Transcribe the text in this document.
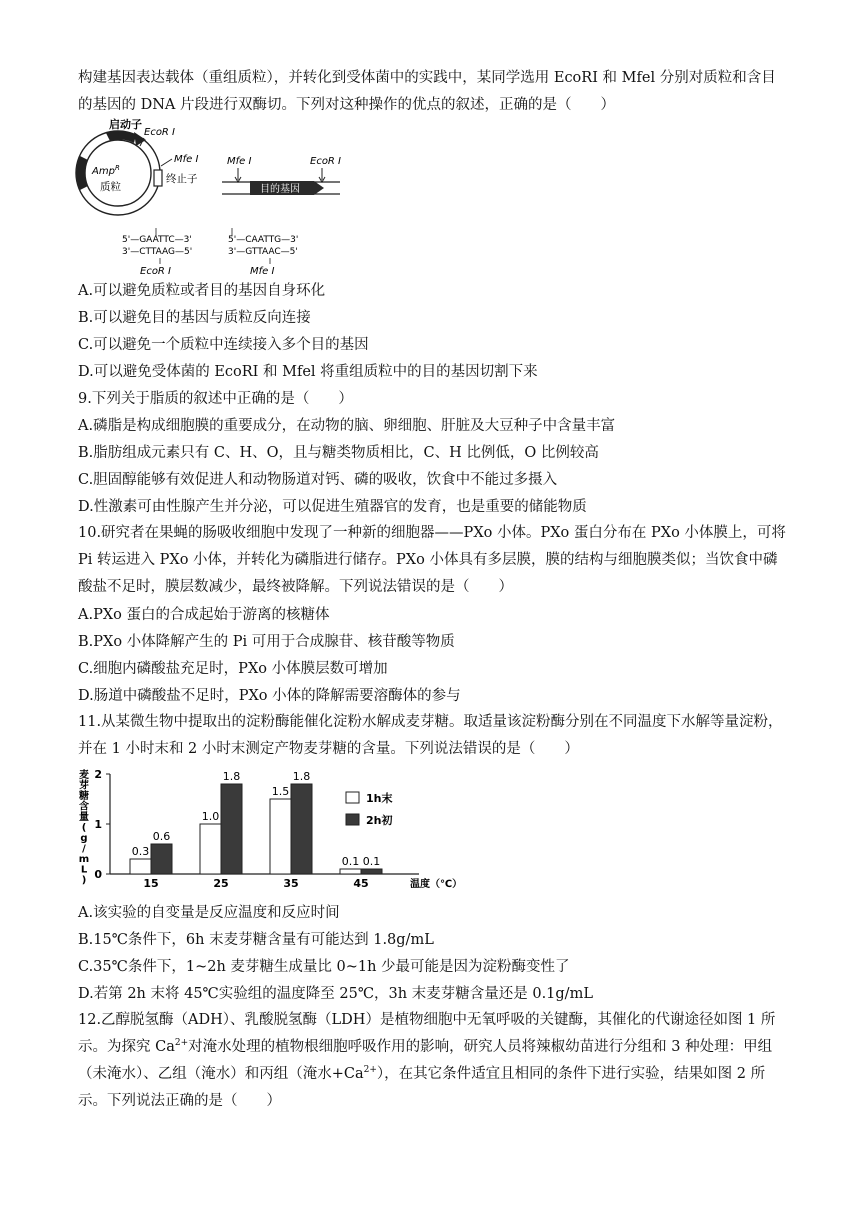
构建基因表达载体（重组质粒），并转化到受体菌中的实践中，某同学选用 EcoRI 和 Mfel 分别对质粒和含目的基因的 DNA 片段进行双酶切。下列对这种操作的优点的叙述，正确的是（　　）

启动子
EcoR Ⅰ
Mfe Ⅰ
终止子
Amp$^R$
质粒
Mfe Ⅰ	EcoR Ⅰ
目的基因
5'—GAATTC—3'
3'—CTTAAG—5'
EcoR Ⅰ
5'—CAATTG—3'
3'—GTTAAC—5'
Mfe Ⅰ

A.可以避免质粒或者目的基因自身环化

B.可以避免目的基因与质粒反向连接

C.可以避免一个质粒中连续接入多个目的基因

D.可以避免受体菌的 EcoRI 和 Mfel 将重组质粒中的目的基因切割下来

9.下列关于脂质的叙述中正确的是（　　）

A.磷脂是构成细胞膜的重要成分，在动物的脑、卵细胞、肝脏及大豆种子中含量丰富

B.脂肪组成元素只有 C、H、O，且与糖类物质相比，C、H 比例低，O 比例较高

C.胆固醇能够有效促进人和动物肠道对钙、磷的吸收，饮食中不能过多摄入

D.性激素可由性腺产生并分泌，可以促进生殖器官的发育，也是重要的储能物质

10.研究者在果蝇的肠吸收细胞中发现了一种新的细胞器——PXo 小体。PXo 蛋白分布在 PXo 小体膜上，可将 Pi 转运进入 PXo 小体，并转化为磷脂进行储存。PXo 小体具有多层膜，膜的结构与细胞膜类似；当饮食中磷酸盐不足时，膜层数减少，最终被降解。下列说法错误的是（　　）

A.PXo 蛋白的合成起始于游离的核糖体

B.PXo 小体降解产生的 Pi 可用于合成腺苷、核苷酸等物质

C.细胞内磷酸盐充足时，PXo 小体膜层数可增加

D.肠道中磷酸盐不足时，PXo 小体的降解需要溶酶体的参与

11.从某微生物中提取出的淀粉酶能催化淀粉水解成麦芽糖。取适量该淀粉酶分别在不同温度下水解等量淀粉，并在 1 小时末和 2 小时末测定产物麦芽糖的含量。下列说法错误的是（　　）

温度（℃）
麦
芽
糖
含
量
(
g
/
m
L
) 0
1
2
0.3
0.6
15
1.0
1.8
25
1.5
1.8
35
0.1 0.1
45
1h末
2h初

A.该实验的自变量是反应温度和反应时间

B.15℃条件下，6h 末麦芽糖含量有可能达到 1.8g/mL

C.35℃条件下，1~2h 麦芽糖生成量比 0~1h 少最可能是因为淀粉酶变性了

D.若第 2h 末将 45℃实验组的温度降至 25℃，3h 末麦芽糖含量还是 0.1g/mL

12.乙醇脱氢酶（ADH）、乳酸脱氢酶（LDH）是植物细胞中无氧呼吸的关键酶，其催化的代谢途径如图 1 所示。为探究 $Ca^{2+}$对淹水处理的植物根细胞呼吸作用的影响，研究人员将辣椒幼苗进行分组和 3 种处理：甲组（未淹水）、乙组（淹水）和丙组（淹水$+Ca^{2+}$），在其它条件适宜且相同的条件下进行实验，结果如图 2 所示。下列说法正确的是（　　）
